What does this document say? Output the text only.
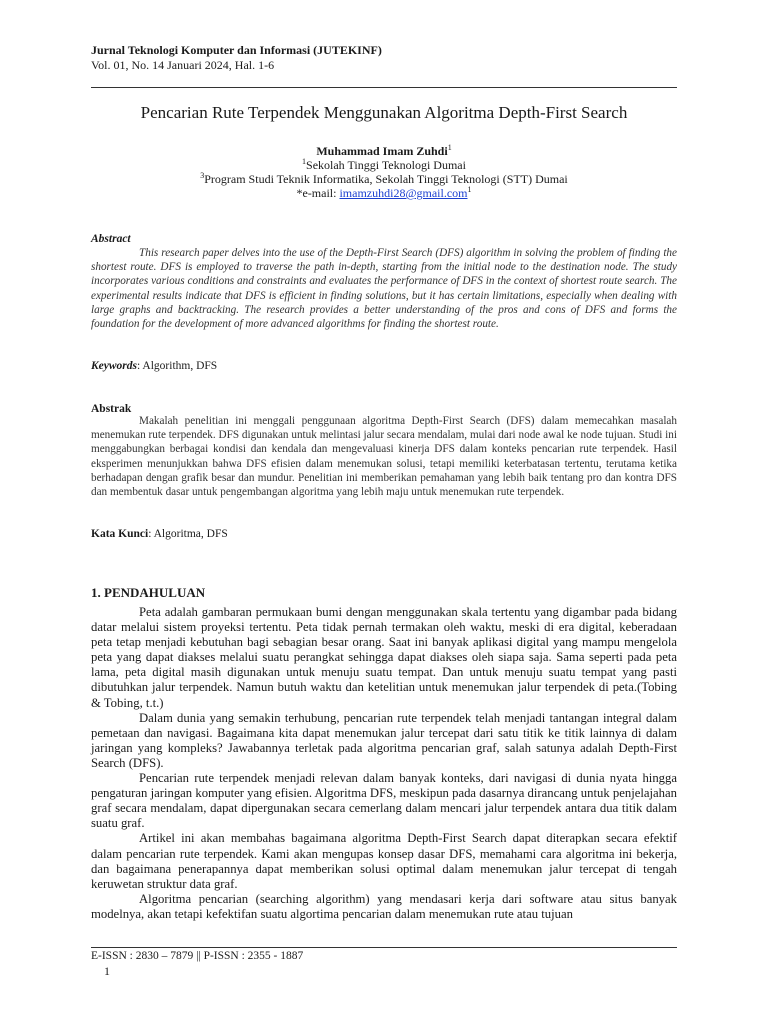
Jurnal Teknologi Komputer dan Informasi (JUTEKINF)
Vol. 01, No. 14 Januari 2024, Hal. 1-6
Pencarian Rute Terpendek Menggunakan Algoritma Depth-First Search
Muhammad Imam Zuhdi$^1$
$^1$Sekolah Tinggi Teknologi Dumai
$^3$Program Studi Teknik Informatika, Sekolah Tinggi Teknologi (STT) Dumai
*e-mail: imamzuhdi28@gmail.com$^1$
Abstract
This research paper delves into the use of the Depth-First Search (DFS) algorithm in solving the problem of finding the shortest route. DFS is employed to traverse the path in-depth, starting from the initial node to the destination node. The study incorporates various conditions and constraints and evaluates the performance of DFS in the context of shortest route search. The experimental results indicate that DFS is efficient in finding solutions, but it has certain limitations, especially when dealing with large graphs and backtracking. The research provides a better understanding of the pros and cons of DFS and forms the foundation for the development of more advanced algorithms for finding the shortest route.
Keywords: Algorithm, DFS
Abstrak
Makalah penelitian ini menggali penggunaan algoritma Depth-First Search (DFS) dalam memecahkan masalah menemukan rute terpendek. DFS digunakan untuk melintasi jalur secara mendalam, mulai dari node awal ke node tujuan. Studi ini menggabungkan berbagai kondisi dan kendala dan mengevaluasi kinerja DFS dalam konteks pencarian rute terpendek. Hasil eksperimen menunjukkan bahwa DFS efisien dalam menemukan solusi, tetapi memiliki keterbatasan tertentu, terutama ketika berhadapan dengan grafik besar dan mundur. Penelitian ini memberikan pemahaman yang lebih baik tentang pro dan kontra DFS dan membentuk dasar untuk pengembangan algoritma yang lebih maju untuk menemukan rute terpendek.
Kata Kunci: Algoritma, DFS
1. PENDAHULUAN

Peta adalah gambaran permukaan bumi dengan menggunakan skala tertentu yang digambar pada bidang datar melalui sistem proyeksi tertentu. Peta tidak pernah termakan oleh waktu, meski di era digital, keberadaan peta tetap menjadi kebutuhan bagi sebagian besar orang. Saat ini banyak aplikasi digital yang mampu mengelola peta yang dapat diakses melalui suatu perangkat sehingga dapat diakses oleh siapa saja. Sama seperti pada peta lama, peta digital masih digunakan untuk menuju suatu tempat. Dan untuk menuju suatu tempat yang pasti dibutuhkan jalur terpendek. Namun butuh waktu dan ketelitian untuk menemukan jalur terpendek di peta.(Tobing & Tobing, t.t.)

Dalam dunia yang semakin terhubung, pencarian rute terpendek telah menjadi tantangan integral dalam pemetaan dan navigasi. Bagaimana kita dapat menemukan jalur tercepat dari satu titik ke titik lainnya di dalam jaringan yang kompleks? Jawabannya terletak pada algoritma pencarian graf, salah satunya adalah Depth-First Search (DFS).

Pencarian rute terpendek menjadi relevan dalam banyak konteks, dari navigasi di dunia nyata hingga pengaturan jaringan komputer yang efisien. Algoritma DFS, meskipun pada dasarnya dirancang untuk penjelajahan graf secara mendalam, dapat dipergunakan secara cemerlang dalam mencari jalur terpendek antara dua titik dalam suatu graf.

Artikel ini akan membahas bagaimana algoritma Depth-First Search dapat diterapkan secara efektif dalam pencarian rute terpendek. Kami akan mengupas konsep dasar DFS, memahami cara algoritma ini bekerja, dan bagaimana penerapannya dapat memberikan solusi optimal dalam menemukan jalur tercepat di tengah keruwetan struktur data graf.

Algoritma pencarian (searching algorithm) yang mendasari kerja dari software atau situs banyak modelnya, akan tetapi kefektifan suatu algortima pencarian dalam menemukan rute atau tujuan

E-ISSN : 2830 – 7879 || P-ISSN : 2355 - 1887
1
